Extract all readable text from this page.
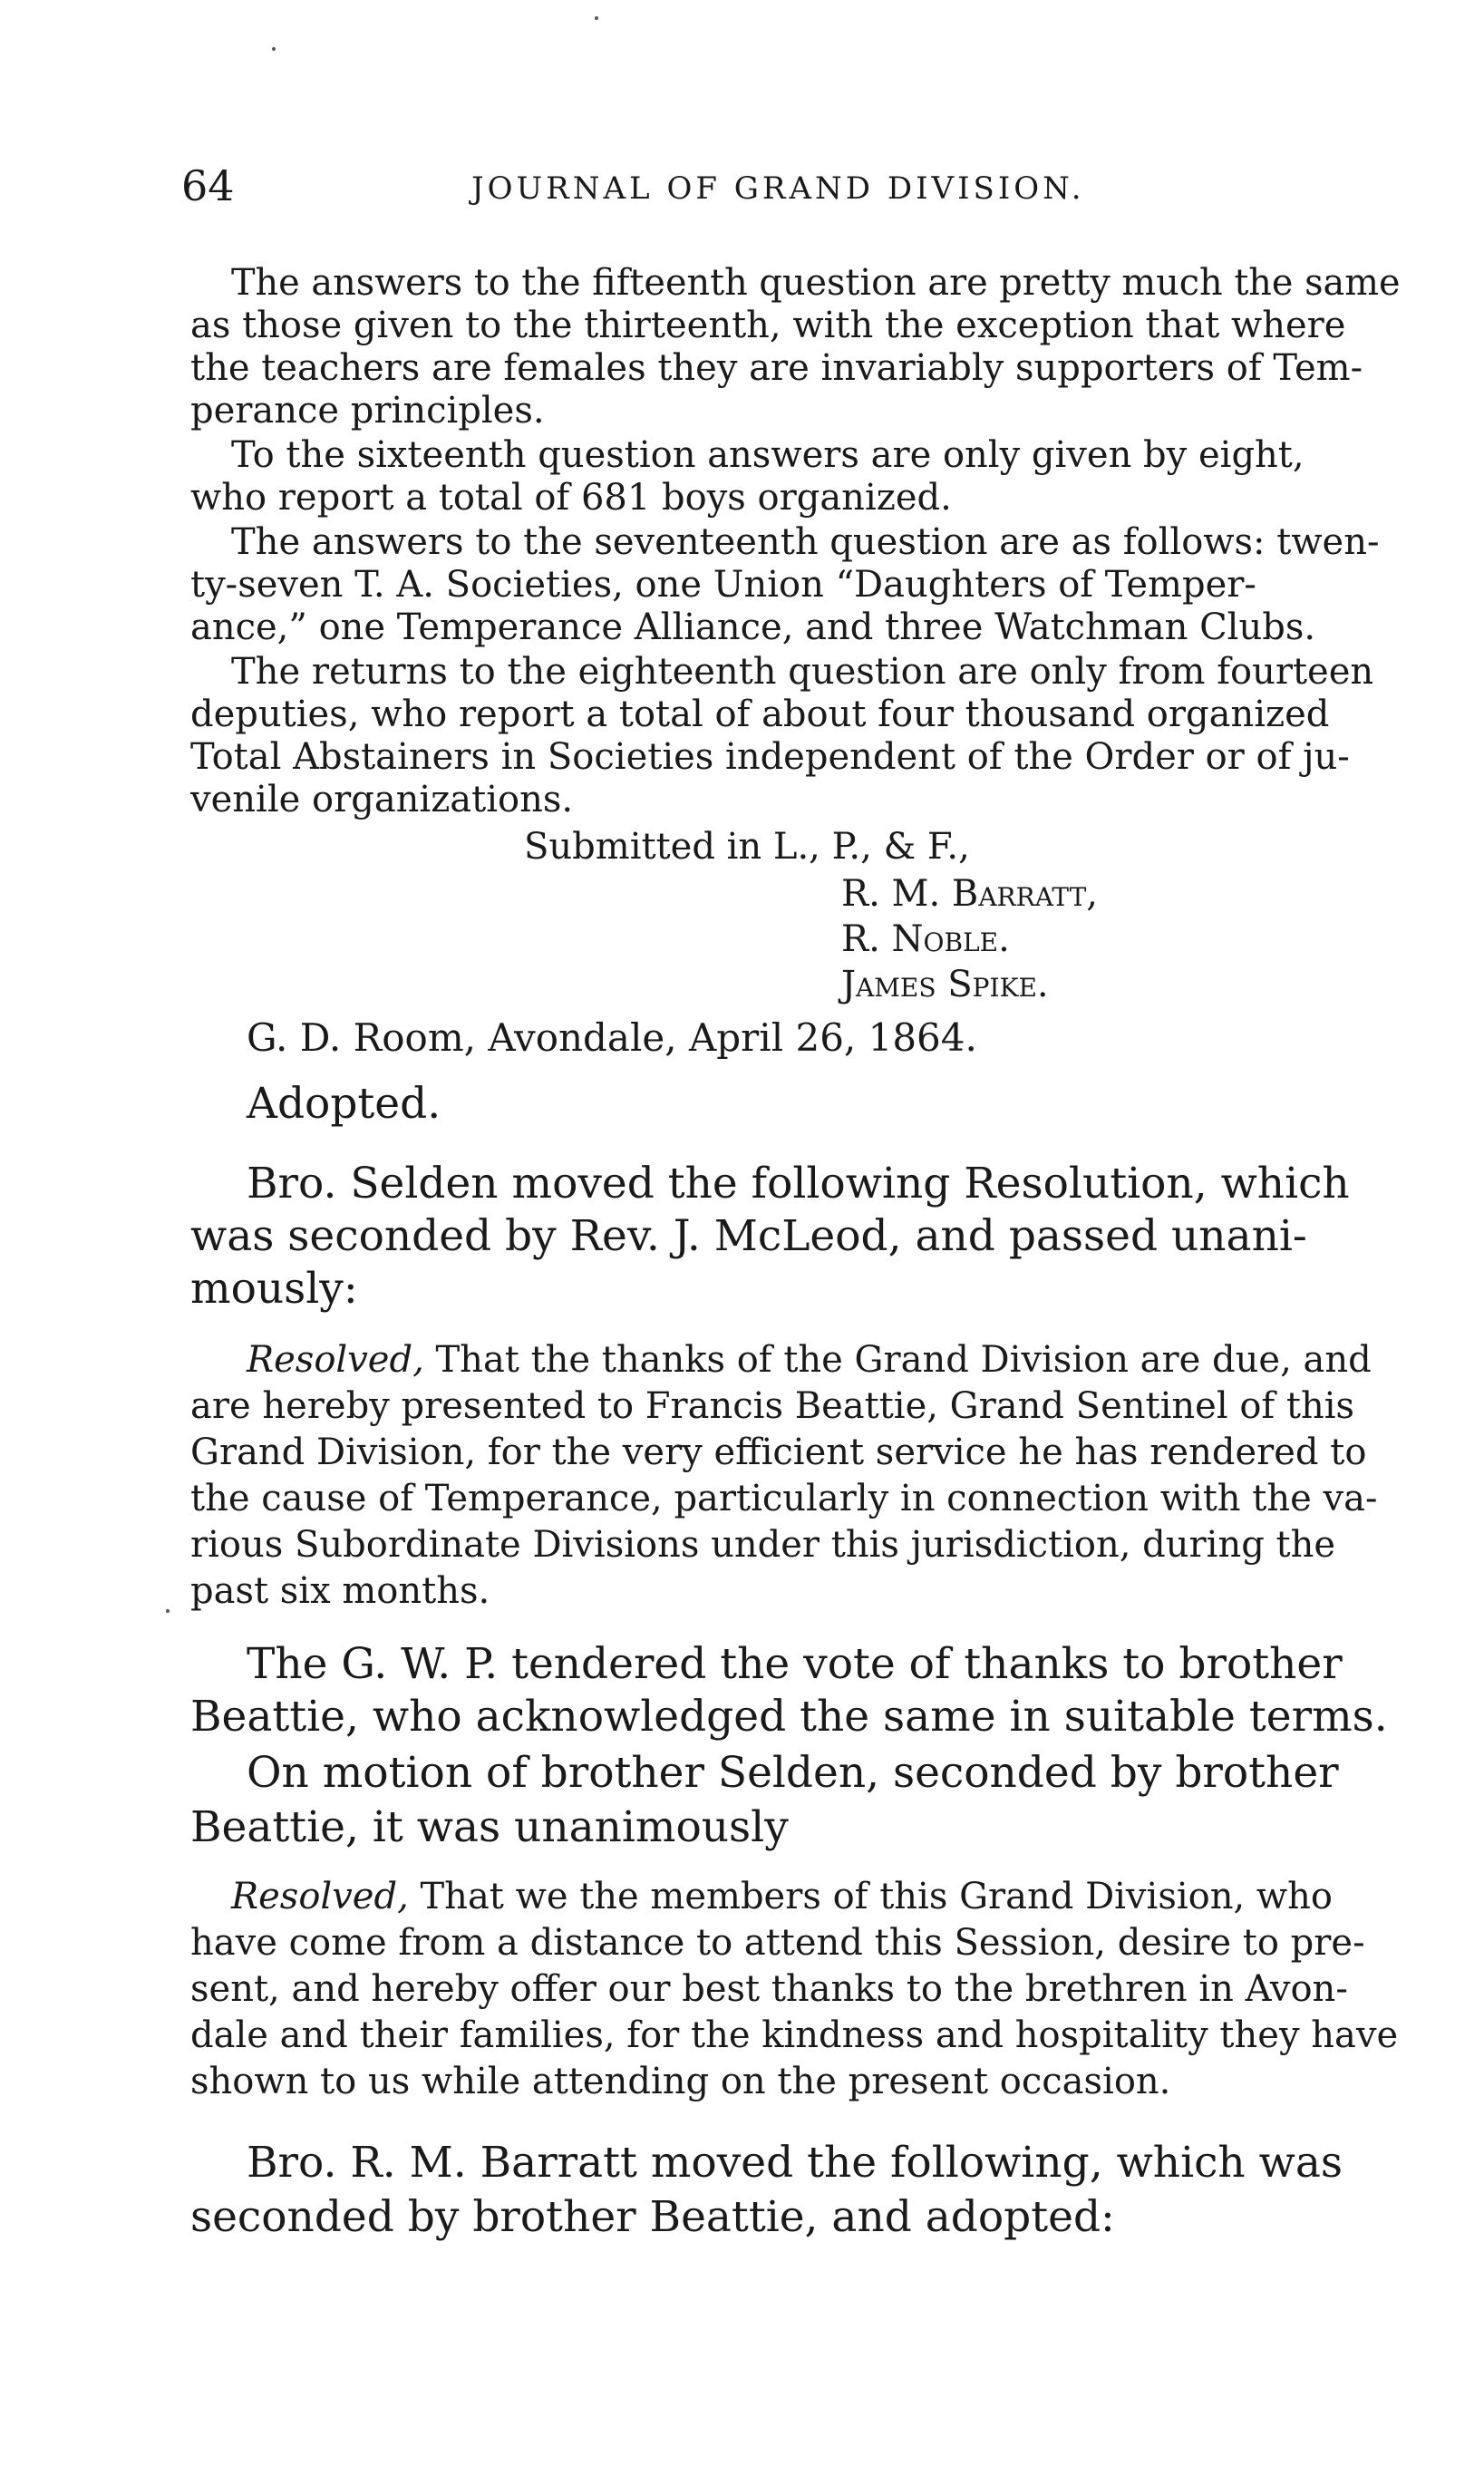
64	JOURNAL OF GRAND DIVISION.
The answers to the fifteenth question are pretty much the same
as those given to the thirteenth, with the exception that where
the teachers are females they are invariably supporters of Tem-
perance principles.
To the sixteenth question answers are only given by eight,
who report a total of 681 boys organized.
The answers to the seventeenth question are as follows: twen-
ty-seven T. A. Societies, one Union “Daughters of Temper-
ance,” one Temperance Alliance, and three Watchman Clubs.
The returns to the eighteenth question are only from fourteen
deputies, who report a total of about four thousand organized
Total Abstainers in Societies independent of the Order or of ju-
venile organizations.
Submitted in L., P., & F.,
R. M. Barratt,
R. Noble.
James Spike.
G. D. Room, Avondale, April 26, 1864.
Adopted.
Bro. Selden moved the following Resolution, which
was seconded by Rev. J. McLeod, and passed unani-
mously:
Resolved, That the thanks of the Grand Division are due, and
are hereby presented to Francis Beattie, Grand Sentinel of this
Grand Division, for the very efficient service he has rendered to
the cause of Temperance, particularly in connection with the va-
rious Subordinate Divisions under this jurisdiction, during the
past six months.
The G. W. P. tendered the vote of thanks to brother
Beattie, who acknowledged the same in suitable terms.
On motion of brother Selden, seconded by brother
Beattie, it was unanimously
Resolved, That we the members of this Grand Division, who
have come from a distance to attend this Session, desire to pre-
sent, and hereby offer our best thanks to the brethren in Avon-
dale and their families, for the kindness and hospitality they have
shown to us while attending on the present occasion.
Bro. R. M. Barratt moved the following, which was
seconded by brother Beattie, and adopted:
